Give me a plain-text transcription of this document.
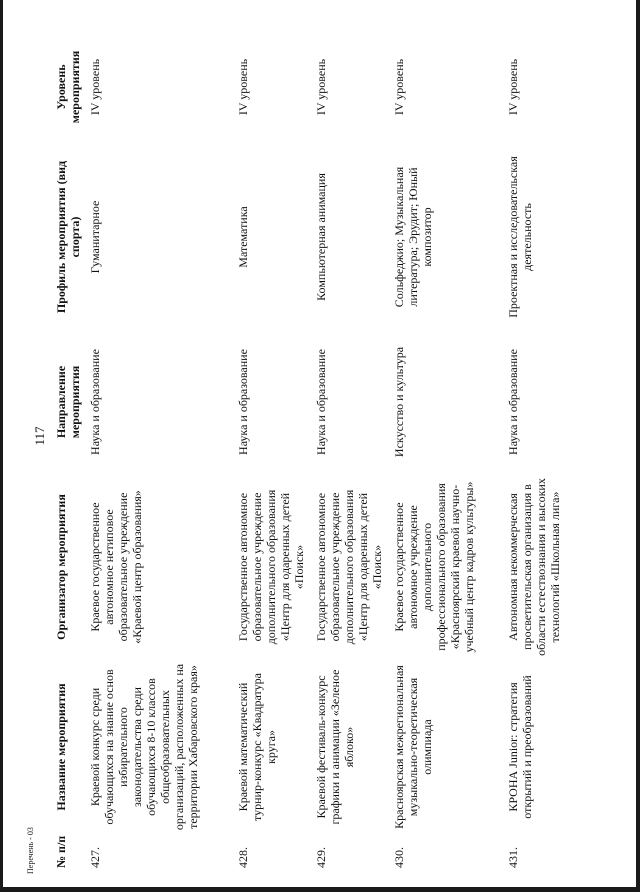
117
Перечень - 03 № п/п
Название мероприятия
Организатор мероприятия
Направление мероприятия
Профиль мероприятия (вид спорта)
Уровень мероприятия
427.
Краевой конкурс среди обучающихся на знание основ избирательного законодательства среди обучающихся 8-10 классов общеобразовательных организаций, расположенных на территории Хабаровского края»
Краевое государственное автономное нетиповое образовательное учреждение «Краевой центр образования»
Наука и образование
Гуманитарное
IV уровень
428.
Краевой математический турнир-конкурс «Квадратура круга»
Государственное автономное образовательное учреждение дополнительного образования «Центр для одаренных детей «Поиск»
Наука и образование
Математика
IV уровень
429.
Краевой фестиваль-конкурс графики и анимации «Зеленое яблоко»
Государственное автономное образовательное учреждение дополнительного образования «Центр для одаренных детей «Поиск»
Наука и образование
Компьютерная анимация
IV уровень
430.
Красноярская межрегиональная музыкально-теоретическая олимпиада
Краевое государственное автономное учреждение дополнительного профессионального образования «Красноярский краевой научно-учебный центр кадров культуры»
Искусство и культура
Сольфеджио; Музыкальная литература; Эрудит; Юный композитор
IV уровень
431.
КРОНА Junior: стратегия открытий и преобразований
Автономная некоммерческая просветительская организация в области естествознания и высоких технологий «Школьная лига»
Наука и образование
Проектная и исследовательская деятельность
IV уровень
